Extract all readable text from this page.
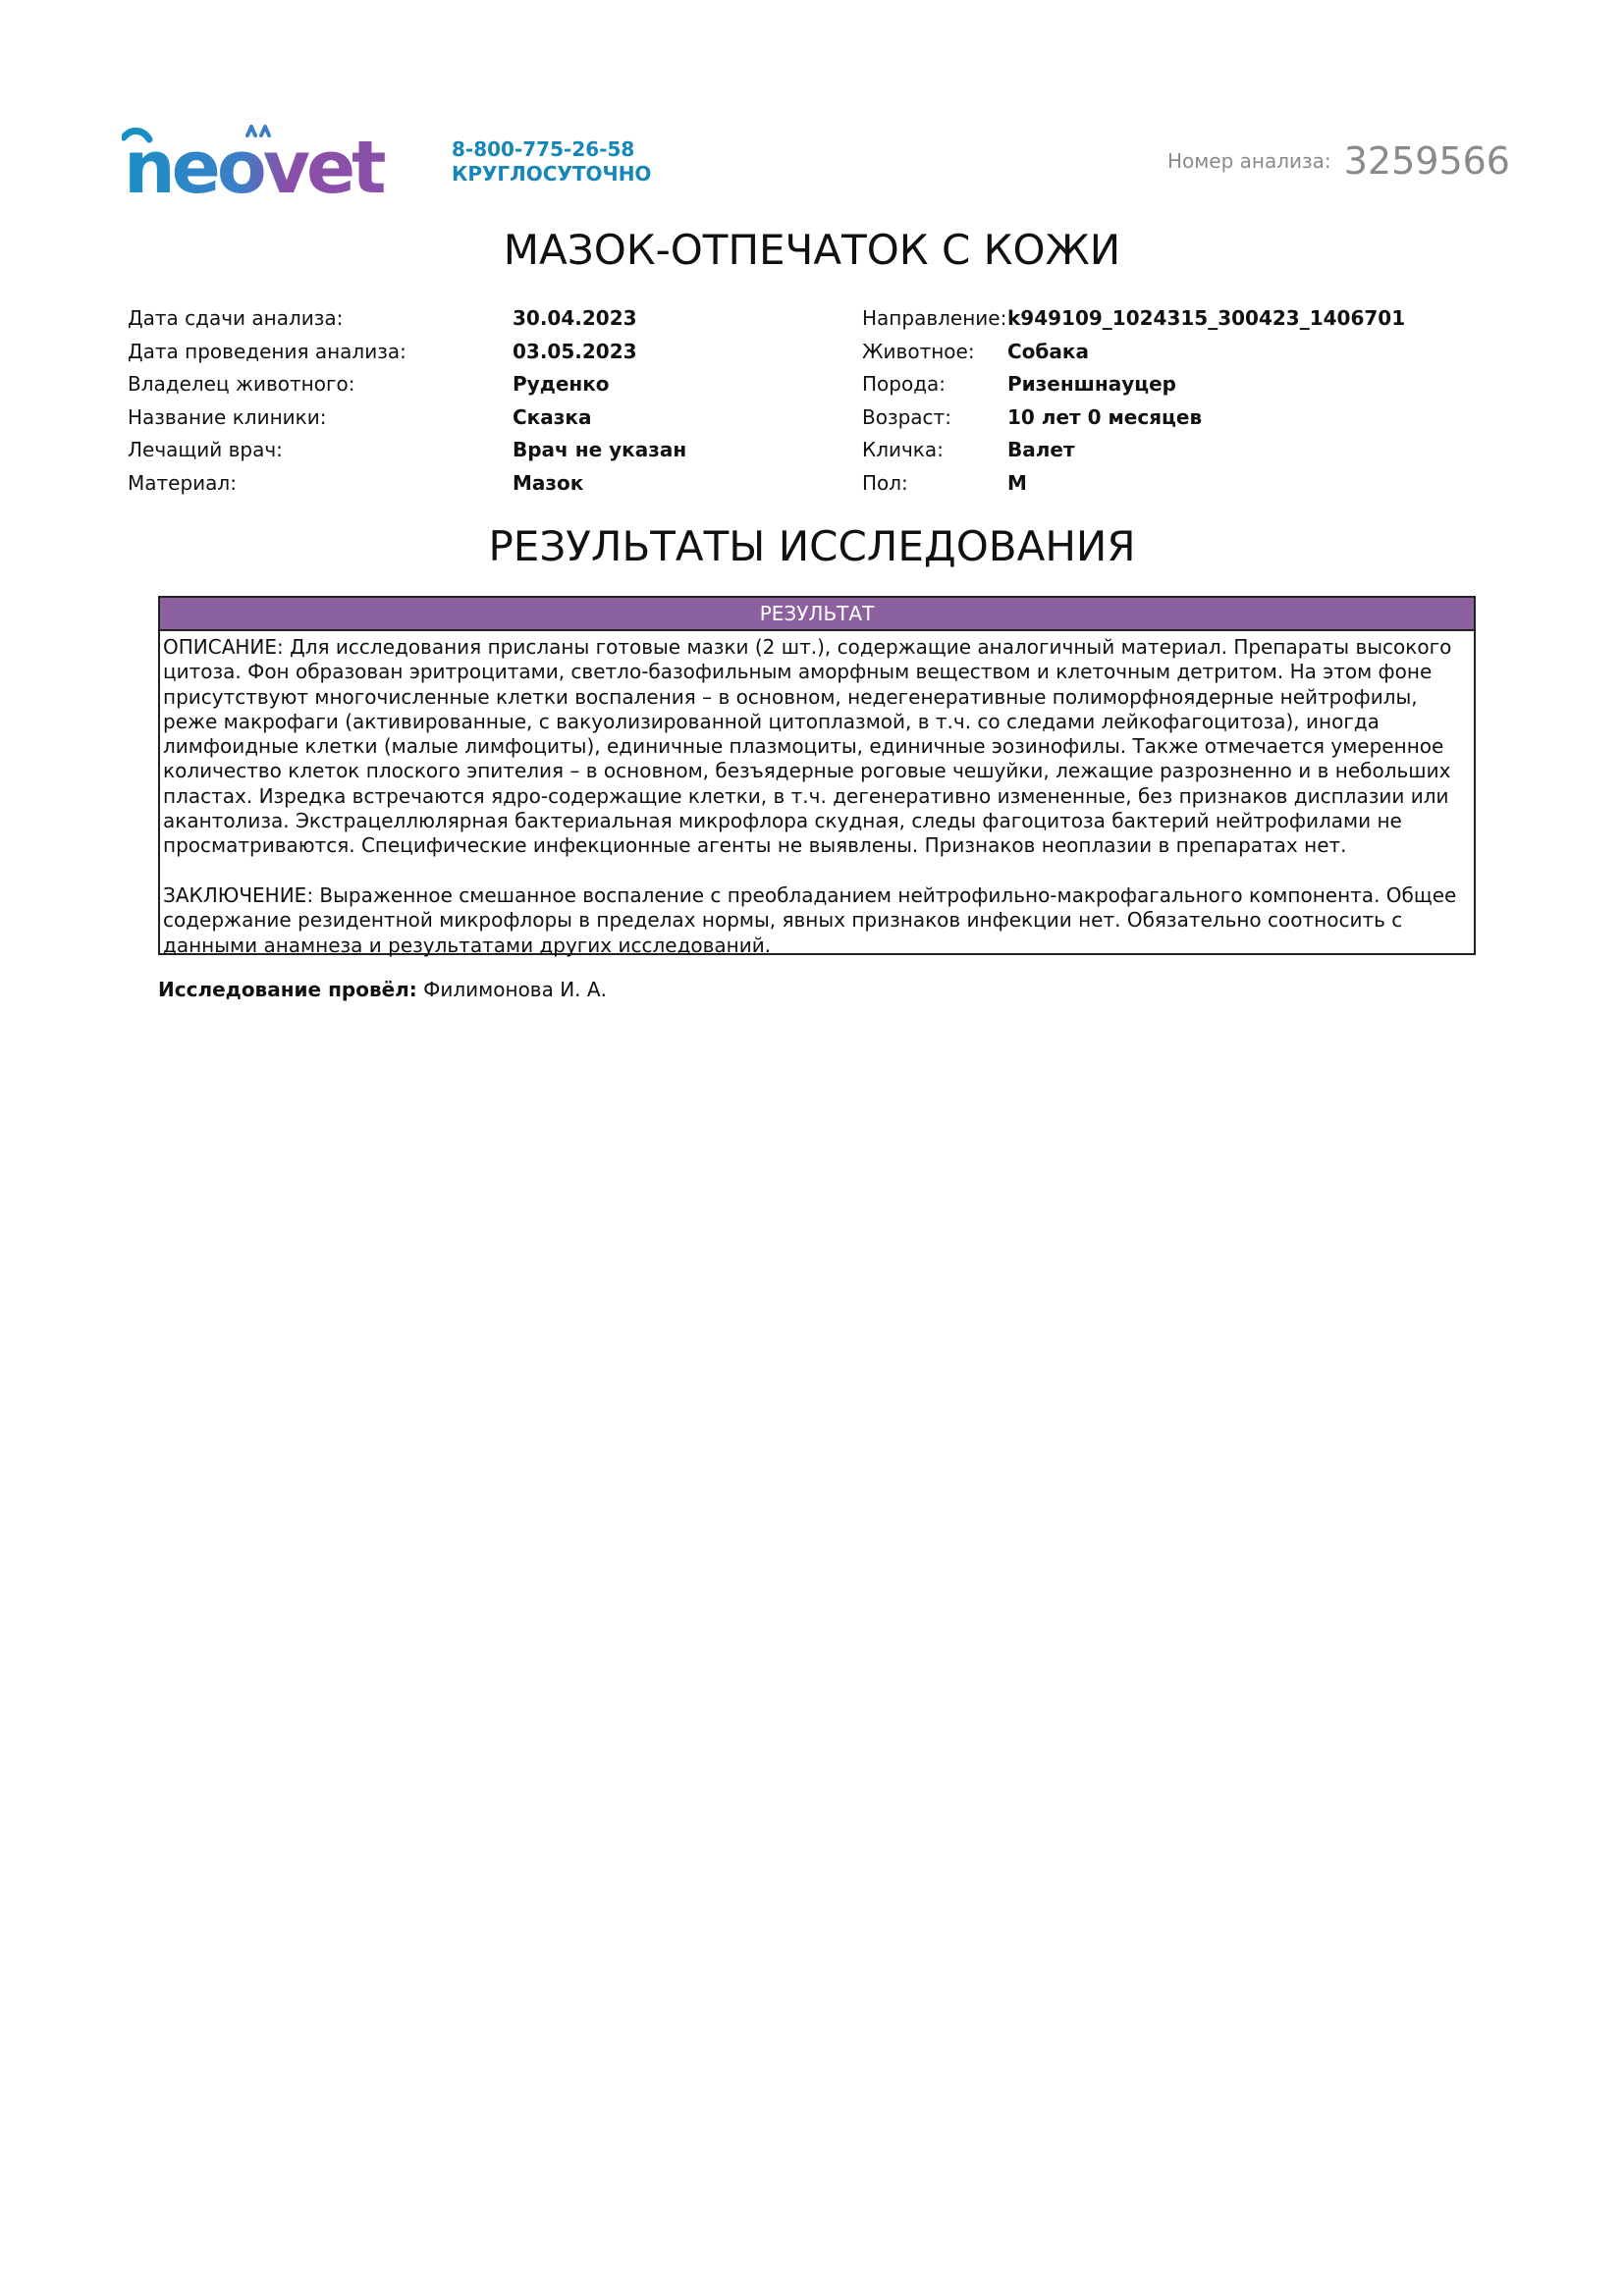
neovet	8-800-775-26-58
КРУГЛОСУТОЧНО
Номер анализа: 3259566
МАЗОК-ОТПЕЧАТОК С КОЖИ
Дата сдачи анализа:
Дата проведения анализа:
Владелец животного:
Название клиники:
Лечащий врач:
Материал:
30.04.2023
03.05.2023
Руденко
Сказка
Врач не указан
Мазок
Направление:
Животное:
Порода:
Возраст:
Кличка:
Пол:
k949109_1024315_300423_1406701
Собака
Ризеншнауцер
10 лет 0 месяцев
Валет
М
РЕЗУЛЬТАТЫ ИССЛЕДОВАНИЯ
РЕЗУЛЬТАТ

ОПИСАНИЕ: Для исследования присланы готовые мазки (2 шт.), содержащие аналогичный материал. Препараты высокого цитоза. Фон образован эритроцитами, светло-базофильным аморфным веществом и клеточным детритом. На этом фоне присутствуют многочисленные клетки воспаления – в основном, недегенеративные полиморфноядерные нейтрофилы, реже макрофаги (активированные, с вакуолизированной цитоплазмой, в т.ч. со следами лейкофагоцитоза), иногда лимфоидные клетки (малые лимфоциты), единичные плазмоциты, единичные эозинофилы. Также отмечается умеренное количество клеток плоского эпителия – в основном, безъядерные роговые чешуйки, лежащие разрозненно и в небольших пластах. Изредка встречаются ядро-содержащие клетки, в т.ч. дегенеративно измененные, без признаков дисплазии или акантолиза. Экстрацеллюлярная бактериальная микрофлора скудная, следы фагоцитоза бактерий нейтрофилами не просматриваются. Специфические инфекционные агенты не выявлены. Признаков неоплазии в препаратах нет.

ЗАКЛЮЧЕНИЕ: Выраженное смешанное воспаление с преобладанием нейтрофильно-макрофагального компонента. Общее содержание резидентной микрофлоры в пределах нормы, явных признаков инфекции нет. Обязательно соотносить с данными анамнеза и результатами других исследований.

Исследование провёл: Филимонова И. А.
